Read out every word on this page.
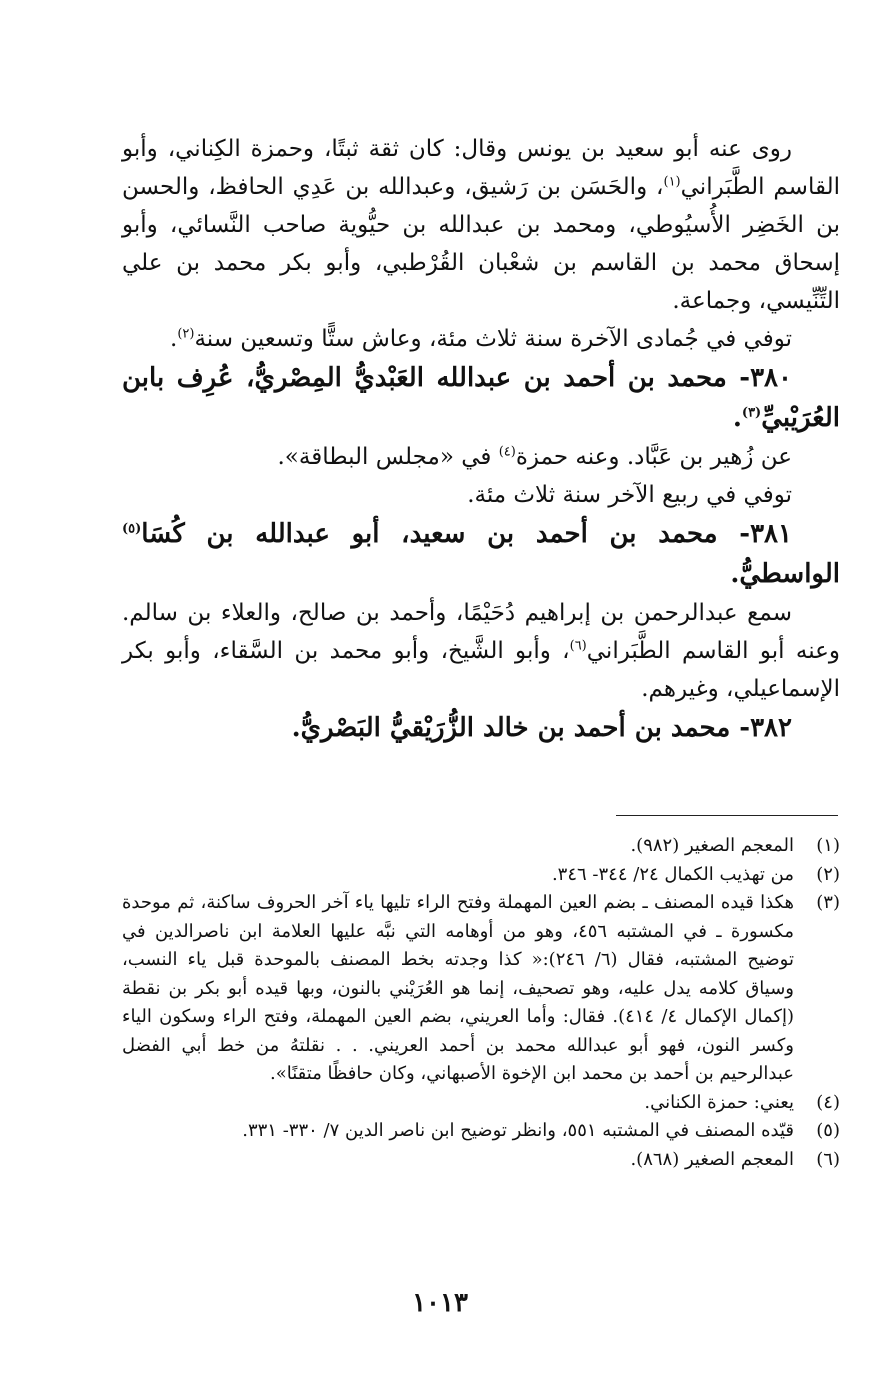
روى عنه أبو سعيد بن يونس وقال: كان ثقة ثبتًا، وحمزة الكِناني، وأبو القاسم الطَّبَراني$^{(١)}$، والحَسَن بن رَشيق، وعبدالله بن عَدِي الحافظ، والحسن بن الخَضِر الأُسيُوطي، ومحمد بن عبدالله بن حيُّوية صاحب النَّسائي، وأبو إسحاق محمد بن القاسم بن شعْبان القُرْطبي، وأبو بكر محمد بن علي التِّنِّيسي، وجماعة.

توفي في جُمادى الآخرة سنة ثلاث مئة، وعاش ستًّا وتسعين سنة$^{(٢)}$.

٣٨٠- محمد بن أحمد بن عبدالله العَبْديُّ المِصْريُّ، عُرِف بابن العُرَيْبيِّ$^{(٣)}$.

عن زُهير بن عَبَّاد. وعنه حمزة$^{(٤)}$ في «مجلس البطاقة».

توفي في ربيع الآخر سنة ثلاث مئة.

٣٨١- محمد بن أحمد بن سعيد، أبو عبدالله بن كُسَا$^{(٥)}$ الواسطيُّ.

سمع عبدالرحمن بن إبراهيم دُحَيْمًا، وأحمد بن صالح، والعلاء بن سالم. وعنه أبو القاسم الطَّبَراني$^{(٦)}$، وأبو الشَّيخ، وأبو محمد بن السَّقاء، وأبو بكر الإسماعيلي، وغيرهم.

٣٨٢- محمد بن أحمد بن خالد الزُّرَيْقيُّ البَصْريُّ.

(١)
المعجم الصغير (٩٨٢).
(٢)
من تهذيب الكمال ٢٤/ ٣٤٤- ٣٤٦.
(٣)
هكذا قيده المصنف ـ بضم العين المهملة وفتح الراء تليها ياء آخر الحروف ساكنة، ثم موحدة مكسورة ـ في المشتبه ٤٥٦، وهو من أوهامه التي نبَّه عليها العلامة ابن ناصرالدين في توضيح المشتبه، فقال (٦/ ٢٤٦):« كذا وجدته بخط المصنف بالموحدة قبل ياء النسب، وسياق كلامه يدل عليه، وهو تصحيف، إنما هو العُرَيْني بالنون، وبها قيده أبو بكر بن نقطة (إكمال الإكمال ٤/ ٤١٤). فقال: وأما العريني، بضم العين المهملة، وفتح الراء وسكون الياء وكسر النون، فهو أبو عبدالله محمد بن أحمد العريني. . . نقلتهُ من خط أبي الفضل عبدالرحيم بن أحمد بن محمد ابن الإخوة الأصبهاني، وكان حافظًا متقنًا».
(٤)
يعني: حمزة الكناني.
(٥)
قيّده المصنف في المشتبه ٥٥١، وانظر توضيح ابن ناصر الدين ٧/ ٣٣٠- ٣٣١.
(٦)
المعجم الصغير (٨٦٨).
١٠١٣
